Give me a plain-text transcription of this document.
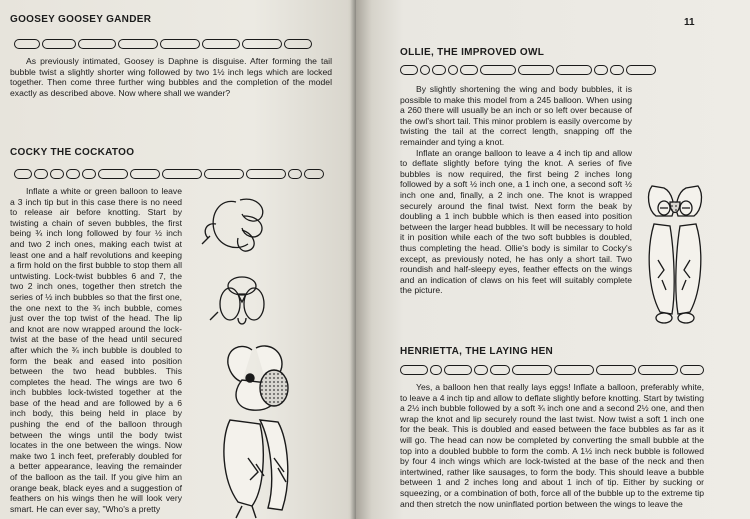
GOOSEY GOOSEY GANDER

As previously intimated, Goosey is Daphne is disguise. After forming the tail bubble twist a slightly shorter wing followed by two 1½ inch legs which are locked together. Then come three further wing bubbles and the completion of the model exactly as described above. Now where shall we wander?

COCKY THE COCKATOO

Inflate a white or green balloon to leave a 3 inch tip but in this case there is no need to release air before knotting. Start by twisting a chain of seven bubbles, the first being ¾ inch long followed by four ½ inch and two 2 inch ones, making each twist at least one and a half revolutions and keeping a firm hold on the first bubble to stop them all untwisting. Lock-twist bubbles 6 and 7, the two 2 inch ones, together then stretch the series of ½ inch bubbles so that the first one, the one next to the ¾ inch bubble, comes just over the top twist of the head. The lip and knot are now wrapped around the lock-twist at the base of the head until secured after which the ¾ inch bubble is doubled to form the beak and eased into position between the two head bubbles. This completes the head. The wings are two 6 inch bubbles lock-twisted together at the base of the head and are followed by a 6 inch body, this being held in place by pushing the end of the balloon through between the wings until the body twist locates in the one between the wings. Now make two 1 inch feet, preferably doubled for a better appearance, leaving the remainder of the balloon as the tail. If you give him an orange beak, black eyes and a suggestion of feathers on his wings then he will look very smart. He can ever say, "Who's a pretty

11
OLLIE, THE IMPROVED OWL

By slightly shortening the wing and body bubbles, it is possible to make this model from a 245 balloon. When using a 260 there will usually be an inch or so left over because of the owl's short tail. This minor problem is easily overcome by twisting the tail at the correct length, snapping off the remainder and tying a knot.

Inflate an orange balloon to leave a 4 inch tip and allow to deflate slightly before tying the knot. A series of five bubbles is now required, the first being 2 inches long followed by a soft ½ inch one, a 1 inch one, a second soft ½ inch one and, finally, a 2 inch one. The knot is wrapped securely around the final twist. Next form the beak by doubling a 1 inch bubble which is then eased into position between the larger head bubbles. It will be necessary to hold it in position while each of the two soft bubbles is doubled, thus completing the head. Ollie's body is similar to Cocky's except, as previously noted, he has only a short tail. Two roundish and half-sleepy eyes, feather effects on the wings and an indication of claws on his feet will suitably complete the picture.

HENRIETTA, THE LAYING HEN

Yes, a balloon hen that really lays eggs! Inflate a balloon, preferably white, to leave a 4 inch tip and allow to deflate slightly before knotting. Start by twisting a 2½ inch bubble followed by a soft ¾ inch one and a second 2½ one, and then wrap the knot and lip securely round the last twist. Now twist a soft 1 inch one for the beak. This is doubled and eased between the face bubbles as far as it will go. The head can now be completed by converting the small bubble at the top into a doubled bubble to form the comb. A 1½ inch neck bubble is followed by four 4 inch wings which are lock-twisted at the base of the neck and then intertwined, rather like sausages, to form the body. This should leave a bubble between 1 and 2 inches long and about 1 inch of tip. Either by sucking or squeezing, or a combination of both, force all of the bubble up to the extreme tip and then stretch the now uninflated portion between the wings to leave the
